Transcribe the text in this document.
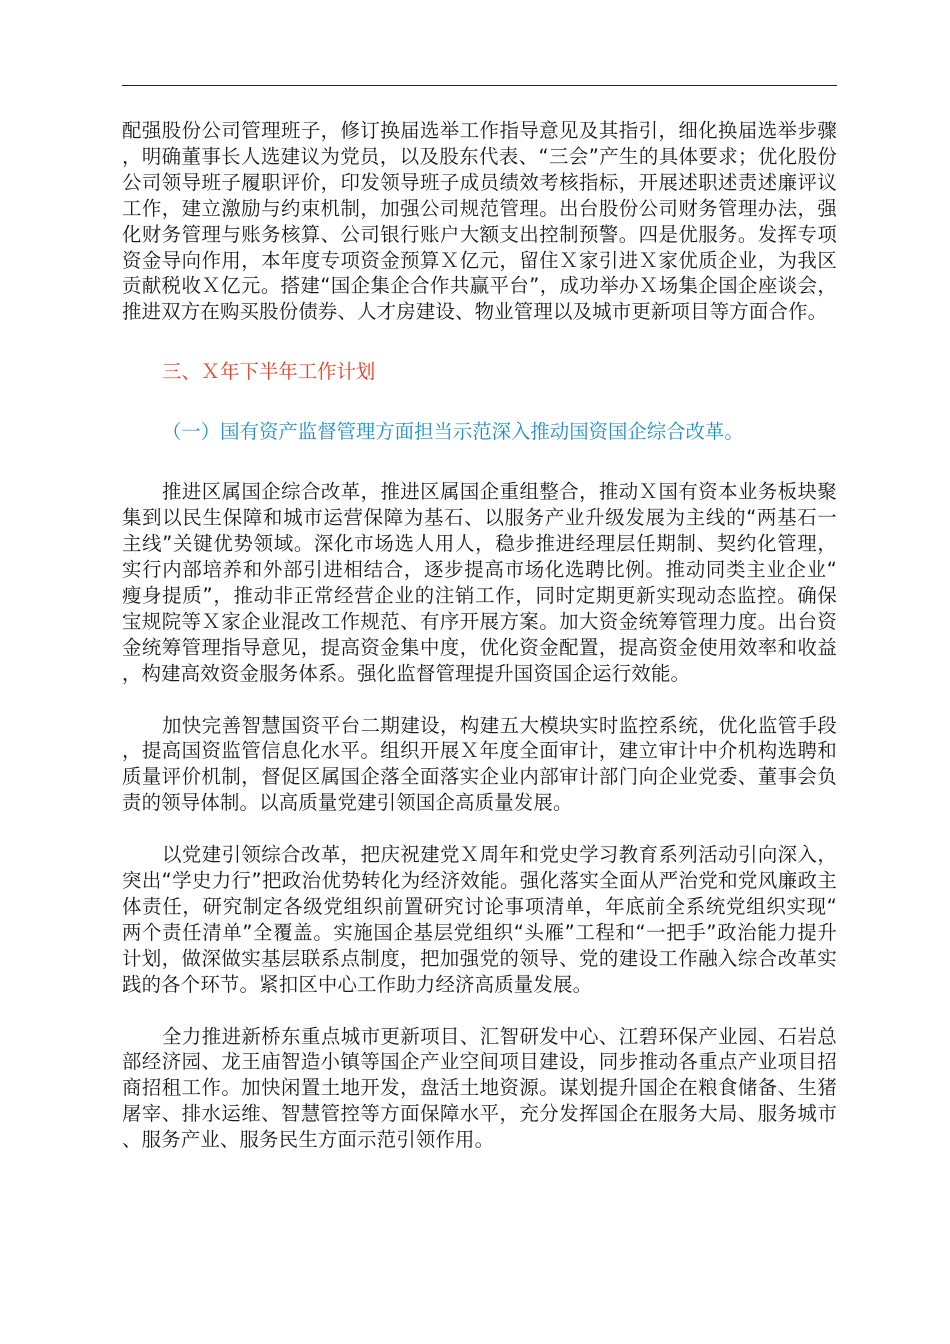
配强股份公司管理班子，修订换届选举工作指导意见及其指引，细化换届选举步骤，明确董事长人选建议为党员，以及股东代表、“三会”产生的具体要求；优化股份公司领导班子履职评价，印发领导班子成员绩效考核指标，开展述职述责述廉评议工作，建立激励与约束机制，加强公司规范管理。出台股份公司财务管理办法，强化财务管理与账务核算、公司银行账户大额支出控制预警。四是优服务。发挥专项资金导向作用，本年度专项资金预算Ｘ亿元，留住Ｘ家引进Ｘ家优质企业，为我区贡献税收Ｘ亿元。搭建“国企集企合作共赢平台”，成功举办Ｘ场集企国企座谈会，推进双方在购买股份债券、人才房建设、物业管理以及城市更新项目等方面合作。

三、Ｘ年下半年工作计划

（一）国有资产监督管理方面担当示范深入推动国资国企综合改革。

推进区属国企综合改革，推进区属国企重组整合，推动Ｘ国有资本业务板块聚集到以民生保障和城市运营保障为基石、以服务产业升级发展为主线的“两基石一主线”关键优势领域。深化市场选人用人，稳步推进经理层任期制、契约化管理，实行内部培养和外部引进相结合，逐步提高市场化选聘比例。推动同类主业企业“瘦身提质”，推动非正常经营企业的注销工作，同时定期更新实现动态监控。确保宝规院等Ｘ家企业混改工作规范、有序开展方案。加大资金统筹管理力度。出台资金统筹管理指导意见，提高资金集中度，优化资金配置，提高资金使用效率和收益，构建高效资金服务体系。强化监督管理提升国资国企运行效能。

加快完善智慧国资平台二期建设，构建五大模块实时监控系统，优化监管手段，提高国资监管信息化水平。组织开展Ｘ年度全面审计，建立审计中介机构选聘和质量评价机制，督促区属国企落全面落实企业内部审计部门向企业党委、董事会负责的领导体制。以高质量党建引领国企高质量发展。

以党建引领综合改革，把庆祝建党Ｘ周年和党史学习教育系列活动引向深入，突出“学史力行”把政治优势转化为经济效能。强化落实全面从严治党和党风廉政主体责任，研究制定各级党组织前置研究讨论事项清单，年底前全系统党组织实现“两个责任清单”全覆盖。实施国企基层党组织“头雁”工程和“一把手”政治能力提升计划，做深做实基层联系点制度，把加强党的领导、党的建设工作融入综合改革实践的各个环节。紧扣区中心工作助力经济高质量发展。

全力推进新桥东重点城市更新项目、汇智研发中心、江碧环保产业园、石岩总部经济园、龙王庙智造小镇等国企产业空间项目建设，同步推动各重点产业项目招商招租工作。加快闲置土地开发，盘活土地资源。谋划提升国企在粮食储备、生猪屠宰、排水运维、智慧管控等方面保障水平，充分发挥国企在服务大局、服务城市、服务产业、服务民生方面示范引领作用。
